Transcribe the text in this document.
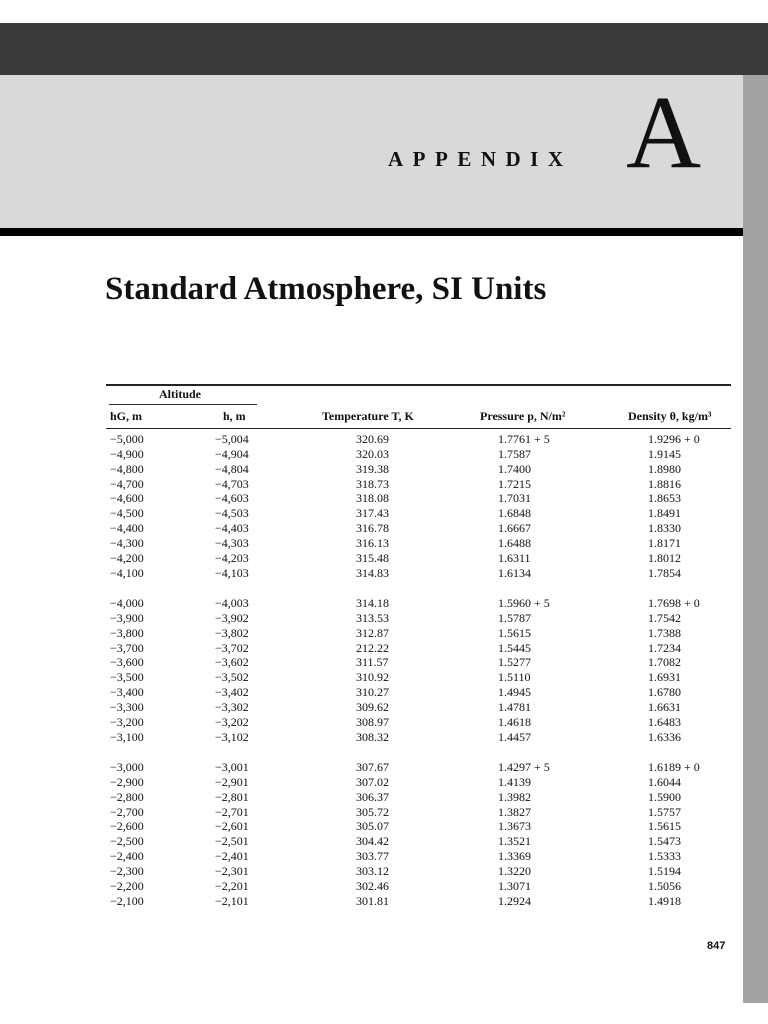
APPENDIX A
Standard Atmosphere, SI Units
Altitude
hG, m	h, m	Temperature T, K	Pressure p, N/m²	Density θ, kg/m³
−5,000	−5,004	320.69	1.7761 + 5	1.9296 + 0
−4,900	−4,904	320.03	1.7587	1.9145
−4,800	−4,804	319.38	1.7400	1.8980
−4,700	−4,703	318.73	1.7215	1.8816
−4,600	−4,603	318.08	1.7031	1.8653
−4,500	−4,503	317.43	1.6848	1.8491
−4,400	−4,403	316.78	1.6667	1.8330
−4,300	−4,303	316.13	1.6488	1.8171
−4,200	−4,203	315.48	1.6311	1.8012
−4,100	−4,103	314.83	1.6134	1.7854
−4,000	−4,003	314.18	1.5960 + 5	1.7698 + 0
−3,900	−3,902	313.53	1.5787	1.7542
−3,800	−3,802	312.87	1.5615	1.7388
−3,700	−3,702	212.22	1.5445	1.7234
−3,600	−3,602	311.57	1.5277	1.7082
−3,500	−3,502	310.92	1.5110	1.6931
−3,400	−3,402	310.27	1.4945	1.6780
−3,300	−3,302	309.62	1.4781	1.6631
−3,200	−3,202	308.97	1.4618	1.6483
−3,100	−3,102	308.32	1.4457	1.6336
−3,000	−3,001	307.67	1.4297 + 5	1.6189 + 0
−2,900	−2,901	307.02	1.4139	1.6044
−2,800	−2,801	306.37	1.3982	1.5900
−2,700	−2,701	305.72	1.3827	1.5757
−2,600	−2,601	305.07	1.3673	1.5615
−2,500	−2,501	304.42	1.3521	1.5473
−2,400	−2,401	303.77	1.3369	1.5333
−2,300	−2,301	303.12	1.3220	1.5194
−2,200	−2,201	302.46	1.3071	1.5056
−2,100	−2,101	301.81	1.2924	1.4918
847
